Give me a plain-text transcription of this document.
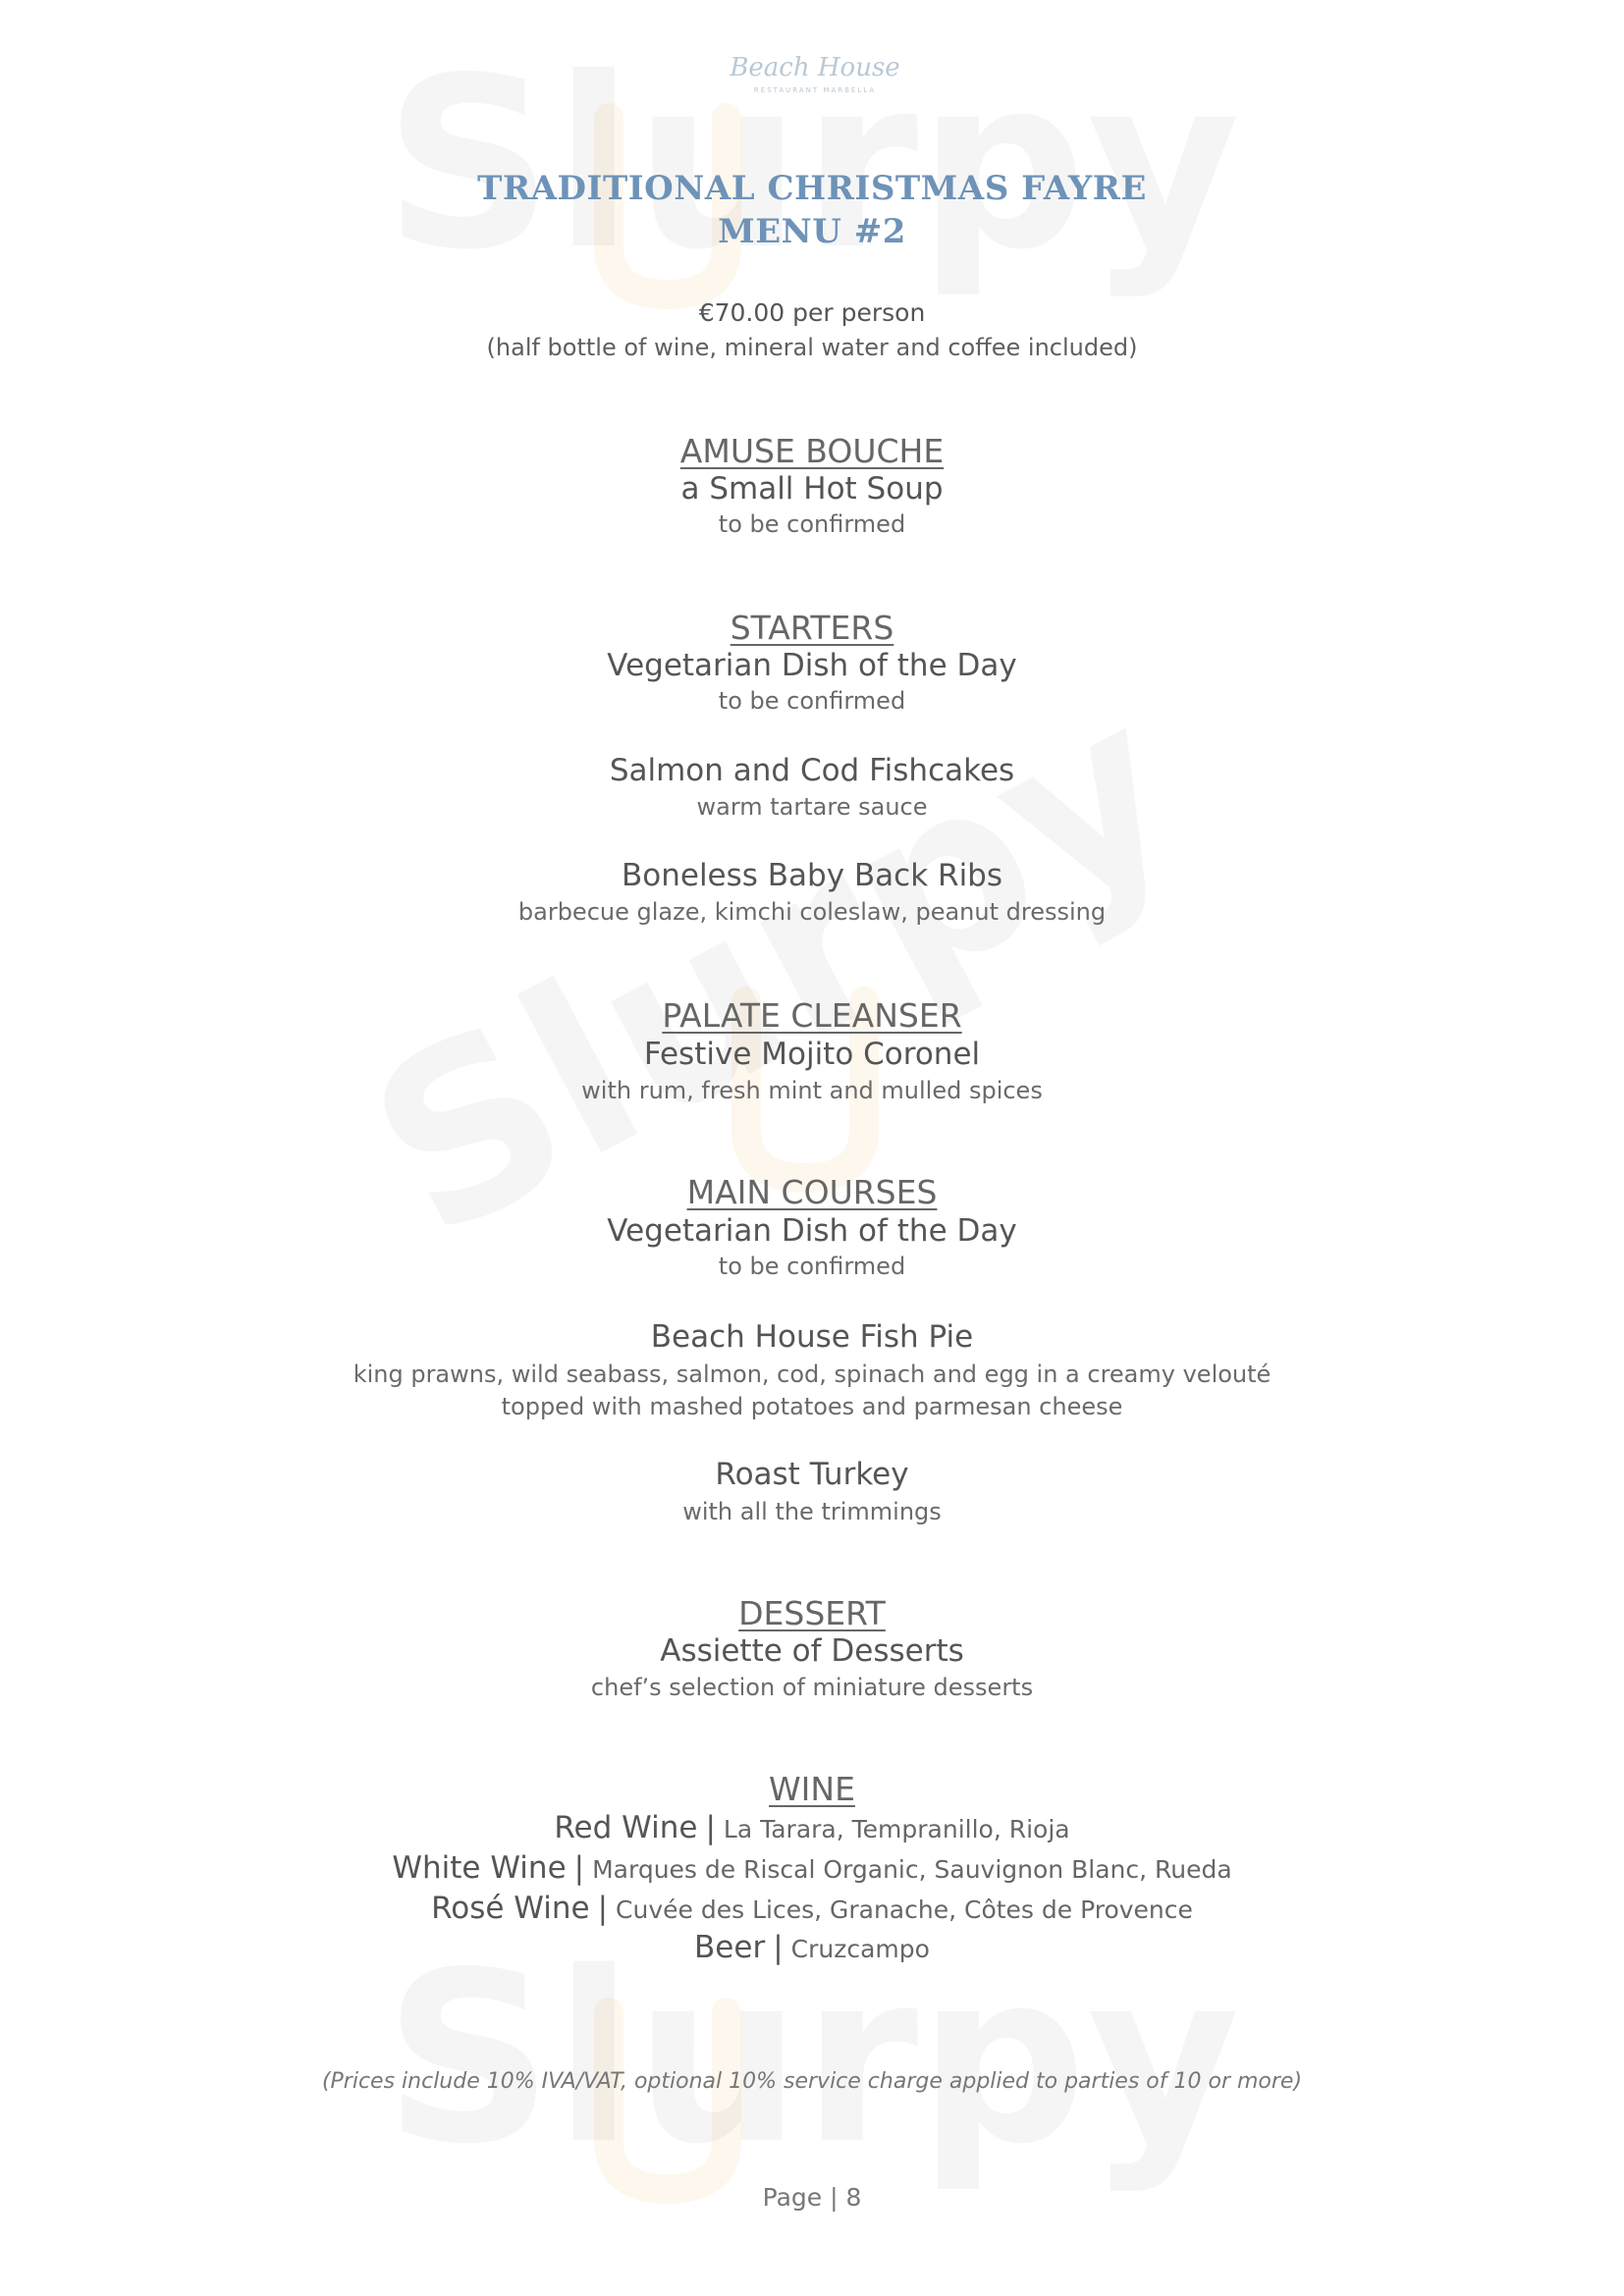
Beach House
RESTAURANT MARBELLA
TRADITIONAL CHRISTMAS FAYRE
MENU #2
€70.00 per person
(half bottle of wine, mineral water and coffee included)
AMUSE BOUCHE
a Small Hot Soup
to be confirmed
STARTERS
Vegetarian Dish of the Day
to be confirmed
Salmon and Cod Fishcakes
warm tartare sauce
Boneless Baby Back Ribs
barbecue glaze, kimchi coleslaw, peanut dressing
PALATE CLEANSER
Festive Mojito Coronel
with rum, fresh mint and mulled spices
MAIN COURSES
Vegetarian Dish of the Day
to be confirmed
Beach House Fish Pie
king prawns, wild seabass, salmon, cod, spinach and egg in a creamy velouté
topped with mashed potatoes and parmesan cheese
Roast Turkey
with all the trimmings
DESSERT
Assiette of Desserts
chef’s selection of miniature desserts
WINE
Red Wine | La Tarara, Tempranillo, Rioja
White Wine | Marques de Riscal Organic, Sauvignon Blanc, Rueda
Rosé Wine | Cuvée des Lices, Granache, Côtes de Provence
Beer | Cruzcampo
(Prices include 10% IVA/VAT, optional 10% service charge applied to parties of 10 or more)
Page | 8
